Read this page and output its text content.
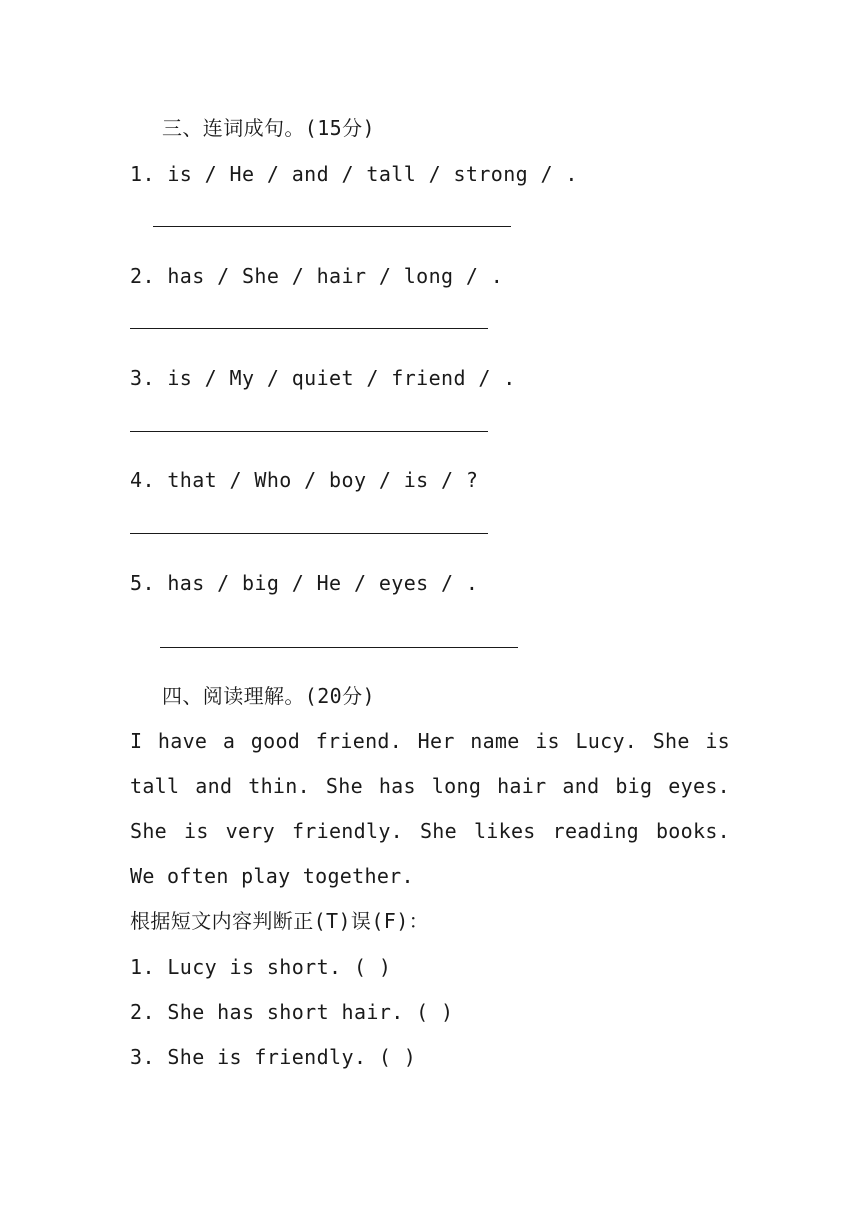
三、连词成句。(15分)
1. is / He / and / tall / strong / .
2. has / She / hair / long / .
3. is / My / quiet / friend / .
4. that / Who / boy / is / ?
5. has / big / He / eyes / .
四、阅读理解。(20分)
I have a good friend. Her name is Lucy. She is tall and thin. She has long hair and big eyes. She is very friendly. She likes reading books. We often play together.
根据短文内容判断正(T)误(F)：
1. Lucy is short. ( )
2. She has short hair. ( )
3. She is friendly. ( )
